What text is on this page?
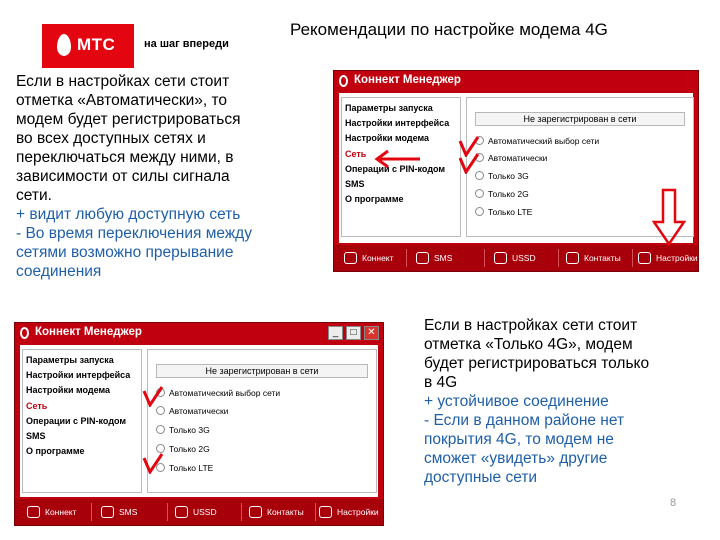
МТС	на шаг впереди
Рекомендации по настройке модема 4G

Если в настройках сети стоит

отметка «Автоматически», то

модем будет регистрироваться

во всех доступных сетях и

переключаться между ними, в

зависимости от силы сигнала

сети.

+ видит любую доступную сеть

- Во время переключения между

сетями возможно прерывание

соединения

Если в настройках сети стоит

отметка «Только 4G», модем

будет регистрироваться только

в 4G

+ устойчивое соединение

- Если в данном районе нет

покрытия 4G, то модем не

сможет «увидеть» другие

доступные сети

8
Коннект Менеджер
Параметры запуска
Настройки интерфейса
Настройки модема
Сеть
Операции с PIN-кодом
SMS
О программе
Не зарегистрирован в сети
Автоматический выбор сети
Автоматически
Только 3G
Только 2G
Только LTE
Коннект	SMS	USSD	Контакты	Настройки
Коннект Менеджер	_	□	✕
Параметры запуска
Настройки интерфейса
Настройки модема
Сеть
Операции с PIN-кодом
SMS
О программе
Не зарегистрирован в сети
Автоматический выбор сети
Автоматически
Только 3G
Только 2G
Только LTE
Коннект	SMS	USSD	Контакты	Настройки
